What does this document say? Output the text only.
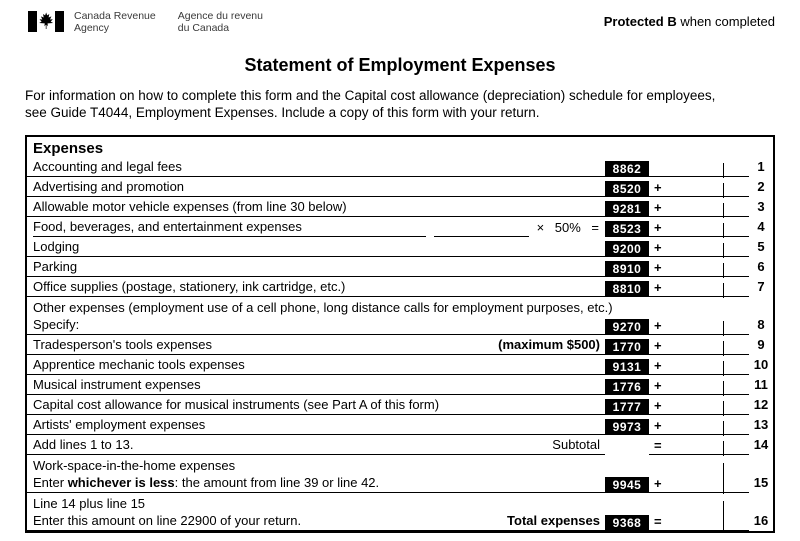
Canada Revenue
Agency
Agence du revenu
du Canada	Protected B when completed
Statement of Employment Expenses
For information on how to complete this form and the Capital cost allowance (depreciation) schedule for employees,
see Guide T4044, Employment Expenses. Include a copy of this form with your return.
Expenses
Accounting and legal fees	8862	1
Advertising and promotion	8520 +	2
Allowable motor vehicle expenses (from line 30 below)	9281 +	3
Food, beverages, and entertainment expenses	× 50% =	8523 +	4
Lodging	9200 +	5
Parking	8910 +	6
Office supplies (postage, stationery, ink cartridge, etc.)	8810 +	7
Other expenses (employment use of a cell phone, long distance calls for employment purposes, etc.)
Specify:	9270 +	8
Tradesperson's tools expenses	(maximum $500)	1770 +	9
Apprentice mechanic tools expenses	9131 +	10
Musical instrument expenses	1776 +	11
Capital cost allowance for musical instruments (see Part A of this form)	1777 +	12
Artists' employment expenses	9973 +	13
Add lines 1 to 13.	Subtotal	=	14
Work-space-in-the-home expenses
Enter whichever is less: the amount from line 39 or line 42.	9945 +	15
Line 14 plus line 15
Enter this amount on line 22900 of your return.	Total expenses	9368 =	16
